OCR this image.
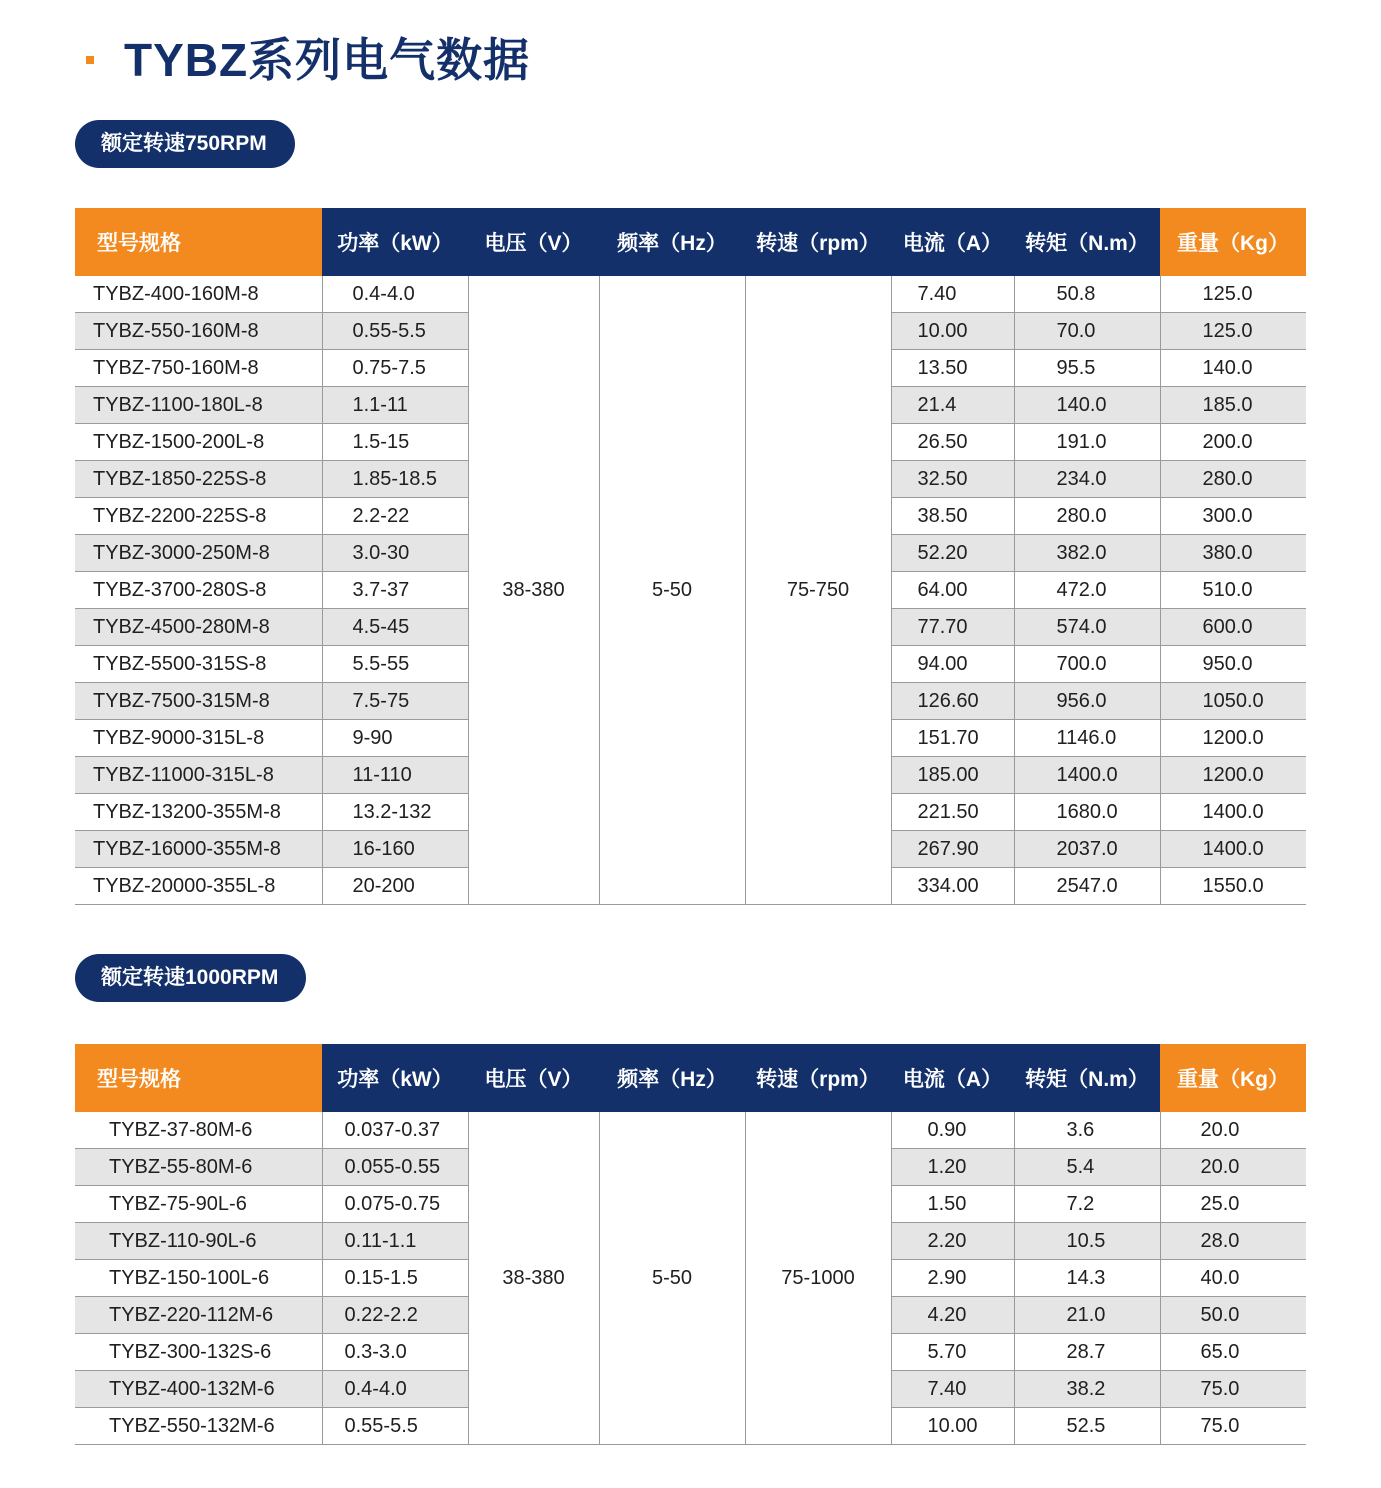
TYBZ系列电气数据
额定转速750RPM
型号规格	功率（kW）	电压（V）	频率（Hz）	转速（rpm）	电流（A）	转矩（N.m）	重量（Kg）
TYBZ-400-160M-8	0.4-4.0	38-380	5-50	75-750	7.40	50.8	125.0
TYBZ-550-160M-8	0.55-5.5				10.00	70.0	125.0
TYBZ-750-160M-8	0.75-7.5				13.50	95.5	140.0
TYBZ-1100-180L-8	1.1-11				21.4	140.0	185.0
TYBZ-1500-200L-8	1.5-15				26.50	191.0	200.0
TYBZ-1850-225S-8	1.85-18.5				32.50	234.0	280.0
TYBZ-2200-225S-8	2.2-22				38.50	280.0	300.0
TYBZ-3000-250M-8	3.0-30				52.20	382.0	380.0
TYBZ-3700-280S-8	3.7-37				64.00	472.0	510.0
TYBZ-4500-280M-8	4.5-45				77.70	574.0	600.0
TYBZ-5500-315S-8	5.5-55				94.00	700.0	950.0
TYBZ-7500-315M-8	7.5-75				126.60	956.0	1050.0
TYBZ-9000-315L-8	9-90				151.70	1146.0	1200.0
TYBZ-11000-315L-8	11-110				185.00	1400.0	1200.0
TYBZ-13200-355M-8	13.2-132				221.50	1680.0	1400.0
TYBZ-16000-355M-8	16-160				267.90	2037.0	1400.0
TYBZ-20000-355L-8	20-200				334.00	2547.0	1550.0
额定转速1000RPM
型号规格	功率（kW）	电压（V）	频率（Hz）	转速（rpm）	电流（A）	转矩（N.m）	重量（Kg）
TYBZ-37-80M-6	0.037-0.37	38-380	5-50	75-1000	0.90	3.6	20.0
TYBZ-55-80M-6	0.055-0.55				1.20	5.4	20.0
TYBZ-75-90L-6	0.075-0.75				1.50	7.2	25.0
TYBZ-110-90L-6	0.11-1.1				2.20	10.5	28.0
TYBZ-150-100L-6	0.15-1.5				2.90	14.3	40.0
TYBZ-220-112M-6	0.22-2.2				4.20	21.0	50.0
TYBZ-300-132S-6	0.3-3.0				5.70	28.7	65.0
TYBZ-400-132M-6	0.4-4.0				7.40	38.2	75.0
TYBZ-550-132M-6	0.55-5.5				10.00	52.5	75.0
